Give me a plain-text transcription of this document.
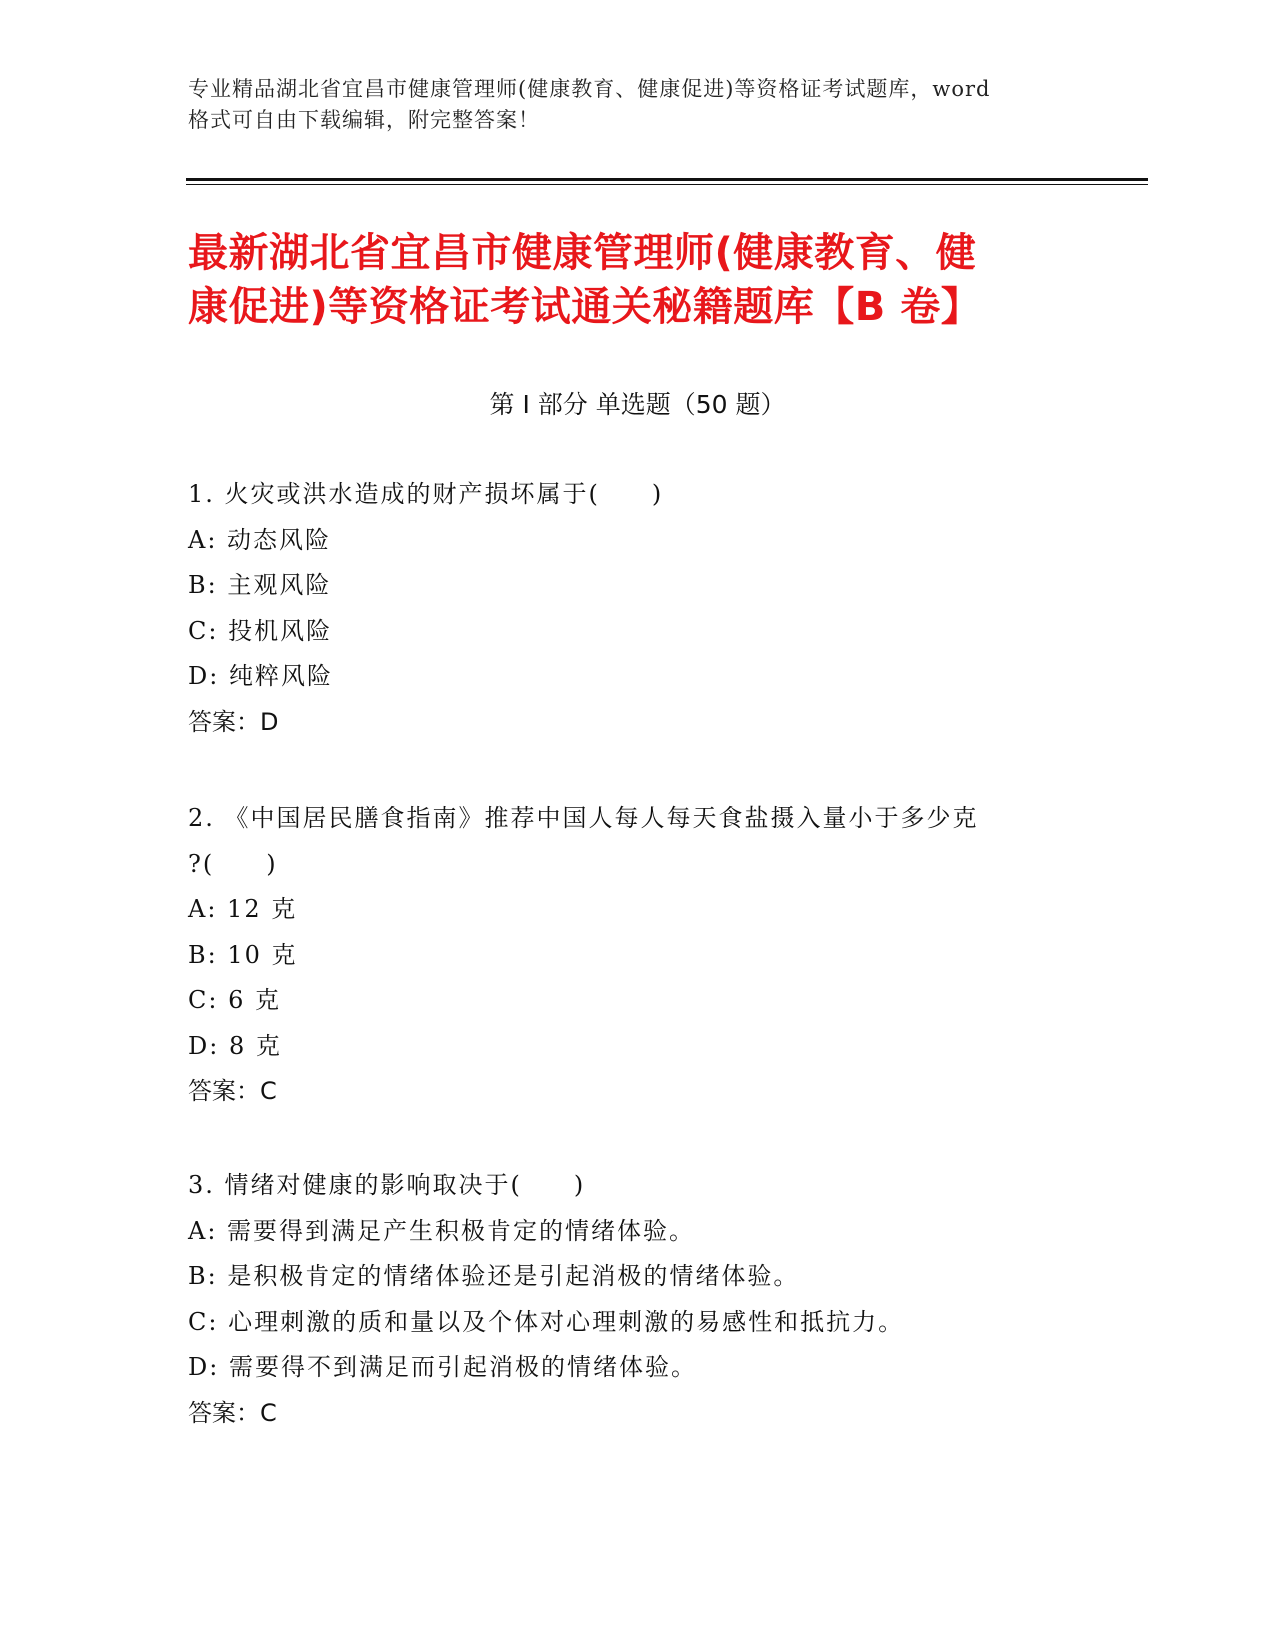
专业精品湖北省宜昌市健康管理师(健康教育、健康促进)等资格证考试题库，word
格式可自由下载编辑，附完整答案！
最新湖北省宜昌市健康管理师(健康教育、健
康促进)等资格证考试通关秘籍题库【B 卷】
第 I 部分 单选题（50 题）
1. 火灾或洪水造成的财产损坏属于(　　)
A: 动态风险
B: 主观风险
C: 投机风险
D: 纯粹风险
答案：D
2. 《中国居民膳食指南》推荐中国人每人每天食盐摄入量小于多少克
?(　　)
A: 12 克
B: 10 克
C: 6 克
D: 8 克
答案：C
3. 情绪对健康的影响取决于(　　)
A: 需要得到满足产生积极肯定的情绪体验。
B: 是积极肯定的情绪体验还是引起消极的情绪体验。
C: 心理刺激的质和量以及个体对心理刺激的易感性和抵抗力。
D: 需要得不到满足而引起消极的情绪体验。
答案：C
